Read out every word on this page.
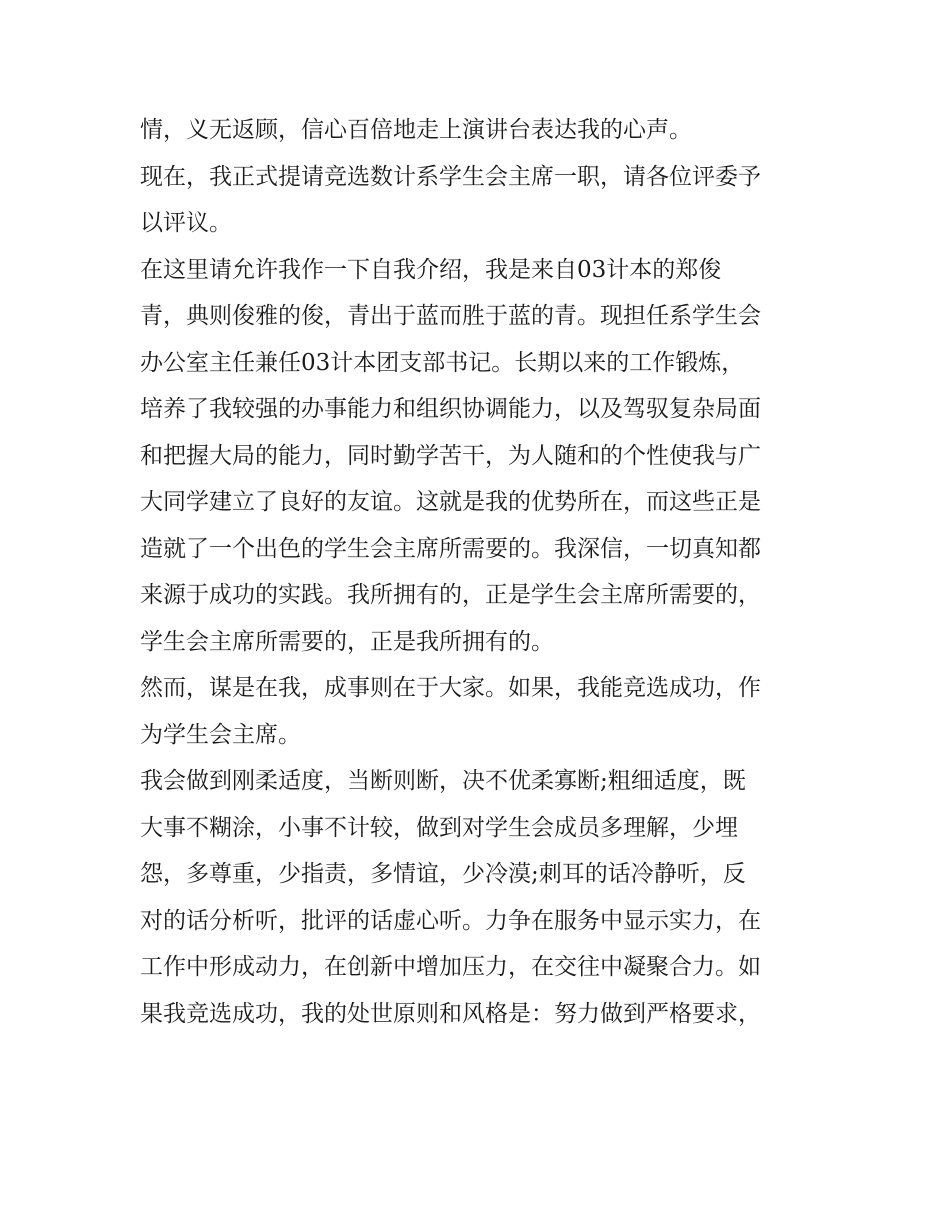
情，义无返顾，信心百倍地走上演讲台表达我的心声。
现在，我正式提请竞选数计系学生会主席一职，请各位评委予
以评议。
在这里请允许我作一下自我介绍，我是来自03计本的郑俊
青，典则俊雅的俊，青出于蓝而胜于蓝的青。现担任系学生会
办公室主任兼任03计本团支部书记。长期以来的工作锻炼，
培养了我较强的办事能力和组织协调能力，以及驾驭复杂局面
和把握大局的能力，同时勤学苦干，为人随和的个性使我与广
大同学建立了良好的友谊。这就是我的优势所在，而这些正是
造就了一个出色的学生会主席所需要的。我深信，一切真知都
来源于成功的实践。我所拥有的，正是学生会主席所需要的，
学生会主席所需要的，正是我所拥有的。
然而，谋是在我，成事则在于大家。如果，我能竞选成功，作
为学生会主席。
我会做到刚柔适度，当断则断，决不优柔寡断;粗细适度，既
大事不糊涂，小事不计较，做到对学生会成员多理解，少埋
怨，多尊重，少指责，多情谊，少冷漠;刺耳的话冷静听，反
对的话分析听，批评的话虚心听。力争在服务中显示实力，在
工作中形成动力，在创新中增加压力，在交往中凝聚合力。如
果我竞选成功，我的处世原则和风格是：努力做到严格要求，
